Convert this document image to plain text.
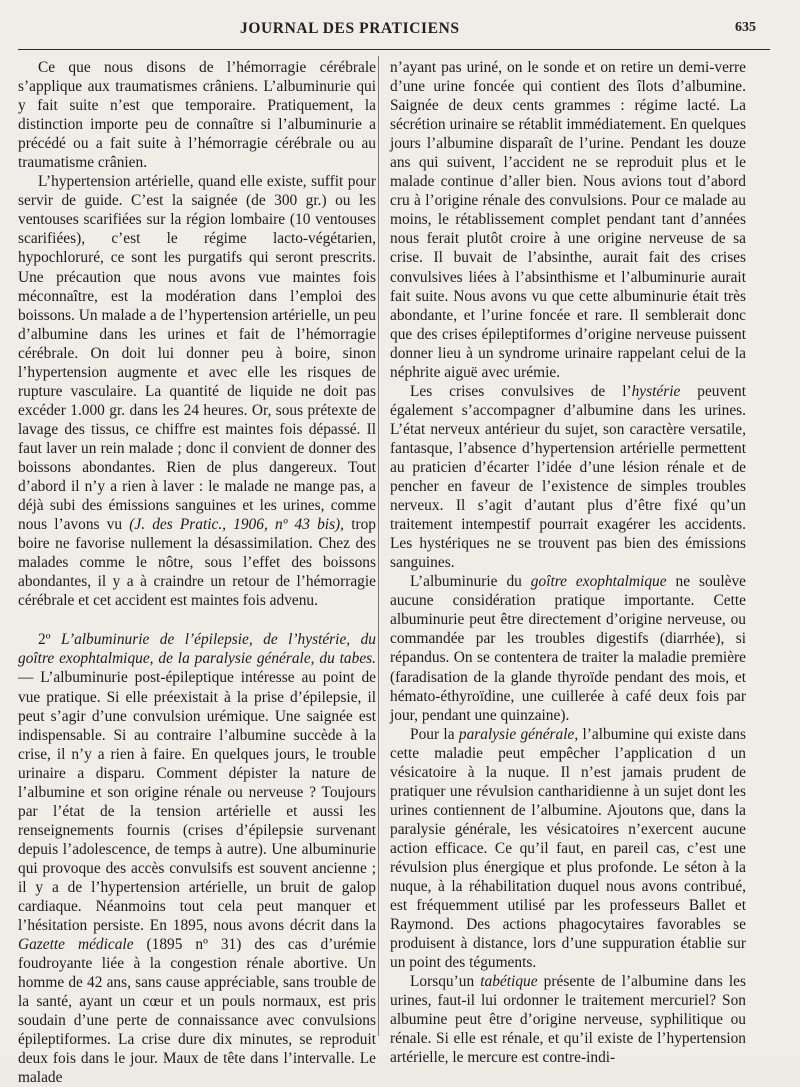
JOURNAL DES PRATICIENS	635

Ce que nous disons de l’hémorragie cérébrale s’applique aux traumatismes crâniens. L’albuminurie qui y fait suite n’est que temporaire. Pratiquement, la distinction importe peu de connaître si l’albuminurie a précédé ou a fait suite à l’hémorragie cérébrale ou au traumatisme crânien.

L’hypertension artérielle, quand elle existe, suffit pour servir de guide. C’est la saignée (de 300 gr.) ou les ventouses scarifiées sur la région lombaire (10 ventouses scarifiées), c’est le régime lacto-végétarien, hypochloruré, ce sont les purgatifs qui seront prescrits. Une précaution que nous avons vue maintes fois méconnaître, est la modération dans l’emploi des boissons. Un malade a de l’hypertension artérielle, un peu d’albumine dans les urines et fait de l’hémorragie cérébrale. On doit lui donner peu à boire, sinon l’hypertension augmente et avec elle les risques de rupture vasculaire. La quantité de liquide ne doit pas excéder 1.000 gr. dans les 24 heures. Or, sous prétexte de lavage des tissus, ce chiffre est maintes fois dépassé. Il faut laver un rein malade ; donc il convient de donner des boissons abondantes. Rien de plus dangereux. Tout d’abord il n’y a rien à laver : le malade ne mange pas, a déjà subi des émissions sanguines et les urines, comme nous l’avons vu (J. des Pratic., 1906, nº 43 bis), trop boire ne favorise nullement la désassimilation. Chez des malades comme le nôtre, sous l’effet des boissons abondantes, il y a à craindre un retour de l’hémorragie cérébrale et cet accident est maintes fois advenu.

2º L’albuminurie de l’épilepsie, de l’hystérie, du goître exophtalmique, de la paralysie générale, du tabes. — L’albuminurie post-épileptique intéresse au point de vue pratique. Si elle préexistait à la prise d’épilepsie, il peut s’agir d’une convulsion urémique. Une saignée est indispensable. Si au contraire l’albumine succède à la crise, il n’y a rien à faire. En quelques jours, le trouble urinaire a disparu. Comment dépister la nature de l’albumine et son origine rénale ou nerveuse ? Toujours par l’état de la tension artérielle et aussi les renseignements fournis (crises d’épilepsie survenant depuis l’adolescence, de temps à autre). Une albuminurie qui provoque des accès convulsifs est souvent ancienne ; il y a de l’hypertension artérielle, un bruit de galop cardiaque. Néanmoins tout cela peut manquer et l’hésitation persiste. En 1895, nous avons décrit dans la Gazette médicale (1895 nº 31) des cas d’urémie foudroyante liée à la congestion rénale abortive. Un homme de 42 ans, sans cause appréciable, sans trouble de la santé, ayant un cœur et un pouls normaux, est pris soudain d’une perte de connaissance avec convulsions épileptiformes. La crise dure dix minutes, se reproduit deux fois dans le jour. Maux de tête dans l’intervalle. Le malade

n’ayant pas uriné, on le sonde et on retire un demi-verre d’une urine foncée qui contient des îlots d’albumine. Saignée de deux cents grammes : régime lacté. La sécrétion urinaire se rétablit immédiatement. En quelques jours l’albumine disparaît de l’urine. Pendant les douze ans qui suivent, l’accident ne se reproduit plus et le malade continue d’aller bien. Nous avions tout d’abord cru à l’origine rénale des convulsions. Pour ce malade au moins, le rétablissement complet pendant tant d’années nous ferait plutôt croire à une origine nerveuse de sa crise. Il buvait de l’absinthe, aurait fait des crises convulsives liées à l’absinthisme et l’albuminurie aurait fait suite. Nous avons vu que cette albuminurie était très abondante, et l’urine foncée et rare. Il semblerait donc que des crises épileptiformes d’origine nerveuse puissent donner lieu à un syndrome urinaire rappelant celui de la néphrite aiguë avec urémie.

Les crises convulsives de l’hystérie peuvent également s’accompagner d’albumine dans les urines. L’état nerveux antérieur du sujet, son caractère versatile, fantasque, l’absence d’hypertension artérielle permettent au praticien d’écarter l’idée d’une lésion rénale et de pencher en faveur de l’existence de simples troubles nerveux. Il s’agit d’autant plus d’être fixé qu’un traitement intempestif pourrait exagérer les accidents. Les hystériques ne se trouvent pas bien des émissions sanguines.

L’albuminurie du goître exophtalmique ne soulève aucune considération pratique importante. Cette albuminurie peut être directement d’origine nerveuse, ou commandée par les troubles digestifs (diarrhée), si répandus. On se contentera de traiter la maladie première (faradisation de la glande thyroïde pendant des mois, et hémato-éthyroïdine, une cuillerée à café deux fois par jour, pendant une quinzaine).

Pour la paralysie générale, l’albumine qui existe dans cette maladie peut empêcher l’application d un vésicatoire à la nuque. Il n’est jamais prudent de pratiquer une révulsion cantharidienne à un sujet dont les urines contiennent de l’albumine. Ajoutons que, dans la paralysie générale, les vésicatoires n’exercent aucune action efficace. Ce qu’il faut, en pareil cas, c’est une révulsion plus énergique et plus profonde. Le séton à la nuque, à la réhabilitation duquel nous avons contribué, est fréquemment utilisé par les professeurs Ballet et Raymond. Des actions phagocytaires favorables se produisent à distance, lors d’une suppuration établie sur un point des téguments.

Lorsqu’un tabétique présente de l’albumine dans les urines, faut-il lui ordonner le traitement mercuriel? Son albumine peut être d’origine nerveuse, syphilitique ou rénale. Si elle est rénale, et qu’il existe de l’hypertension artérielle, le mercure est contre-indi-
